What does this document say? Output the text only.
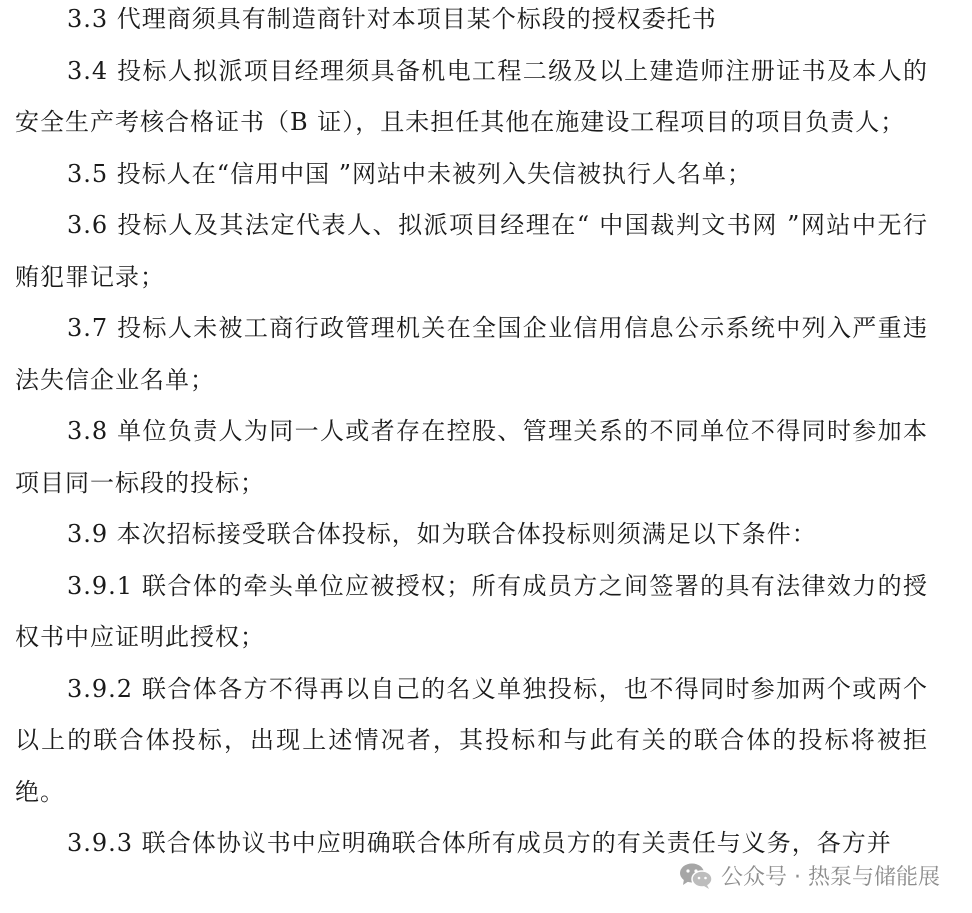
3.3 代理商须具有制造商针对本项目某个标段的授权委托书

3.4 投标人拟派项目经理须具备机电工程二级及以上建造师注册证书及本人的安全生产考核合格证书（B 证），且未担任其他在施建设工程项目的项目负责人；

3.5 投标人在“信用中国 ”网站中未被列入失信被执行人名单；

3.6 投标人及其法定代表人、拟派项目经理在“ 中国裁判文书网 ”网站中无行贿犯罪记录；

3.7 投标人未被工商行政管理机关在全国企业信用信息公示系统中列入严重违法失信企业名单；

3.8 单位负责人为同一人或者存在控股、管理关系的不同单位不得同时参加本项目同一标段的投标；

3.9 本次招标接受联合体投标，如为联合体投标则须满足以下条件：

3.9.1 联合体的牵头单位应被授权；所有成员方之间签署的具有法律效力的授权书中应证明此授权；

3.9.2 联合体各方不得再以自己的名义单独投标，也不得同时参加两个或两个以上的联合体投标，出现上述情况者，其投标和与此有关的联合体的投标将被拒绝。

3.9.3 联合体协议书中应明确联合体所有成员方的有关责任与义务，各方并

公众号 · 热泵与储能展
